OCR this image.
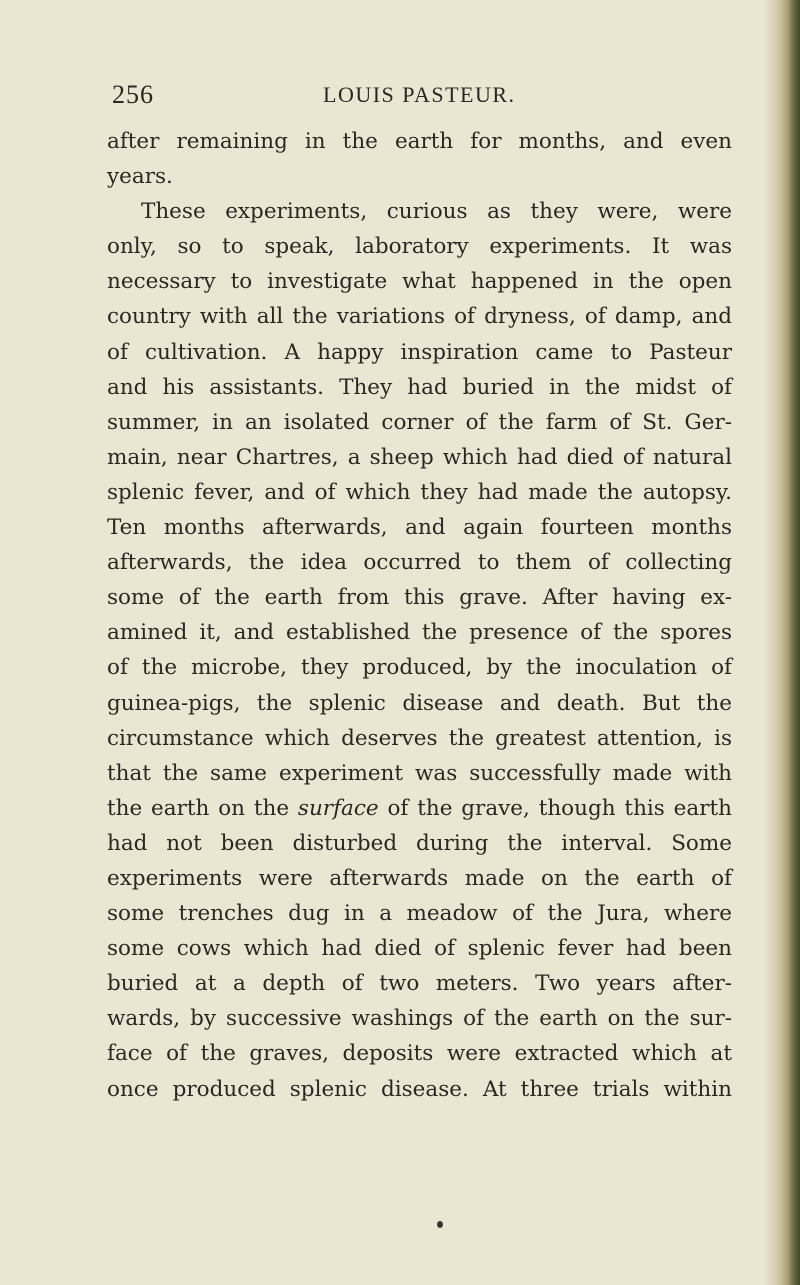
256	LOUIS PASTEUR.
after remaining in the earth for months, and even
years.
These experiments, curious as they were, were
only, so to speak, laboratory experiments. It was
necessary to investigate what happened in the open
country with all the variations of dryness, of damp, and
of cultivation. A happy inspiration came to Pasteur
and his assistants. They had buried in the midst of
summer, in an isolated corner of the farm of St. Ger-
main, near Chartres, a sheep which had died of natural
splenic fever, and of which they had made the autopsy.
Ten months afterwards, and again fourteen months
afterwards, the idea occurred to them of collecting
some of the earth from this grave. After having ex-
amined it, and established the presence of the spores
of the microbe, they produced, by the inoculation of
guinea-pigs, the splenic disease and death. But the
circumstance which deserves the greatest attention, is
that the same experiment was successfully made with
the earth on the surface of the grave, though this earth
had not been disturbed during the interval. Some
experiments were afterwards made on the earth of
some trenches dug in a meadow of the Jura, where
some cows which had died of splenic fever had been
buried at a depth of two meters. Two years after-
wards, by successive washings of the earth on the sur-
face of the graves, deposits were extracted which at
once produced splenic disease. At three trials within
